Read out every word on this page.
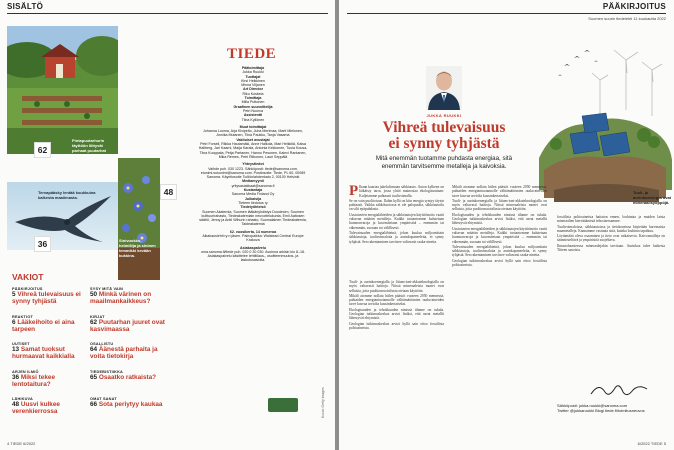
SISÄLTÖ
Pintapuutarhurin täyttöön liittyvät parhaat puutarhat
62
Tervapääsky lentää koukkuina kaikesta maailmasta.
36
48
Sinivuokko, helmililja ja sininen lemmikki kevään kukkina.
VAKIOT
PÄÄKIRJOITUS
5 Vihreä tulevaisuus ei synny tyhjästä
REAKTIOT
6 Lääkeihoito ei aina tarpeen
UUTISET
13 Samat tuoksut hurmaavat kaikkialla
ARJEN ILMIÖ
36 Miksi tekee lentotaitura?
LÄHIKUVA
48 Uusvi kulkee verenkierrossa
SYSY MITÄ VAIN
50 Minkä värinen on maailmankaikkeus?
KIRJAT
62 Puutarhan juuret ovat kasvimaassa
OSALLISTU
64 Äänestä parhaita ja voita tietokirja
TIEDEBISTIIKKA
65 Osaatko ratkaista?
OMAT SANAT
66 Sota periytyy kaukaa
TIEDE
Päätoimittaja
Jukka Ruukki
Tuottajat
Kirsi Heikkinen
Minna Viljanen
Art Director
Riku Koskela
Toimittaja
Milla Puttonen
Graafinen suunnittelija
Petri Nuorva
Assistentti
Tiina Kyllönen
Muut toimittajat
Johanna Luoma, Arja Kivipelto, Juha Merimaa, Marti Mielonen, Annika Mutanen, Tiina Paukku, Tanja Vasama
Vakituiset avustajat
Petri Forsell, Riikka Hautamäki, Anne Halkola, Mari Heikkilä, Kaisa Hallberg, Jari Kaarni, Maija Karala, Antonia Kekkonen, Tuula Kousa, Tiina Kuoppala, Petja Partanen, Hannu Pesonen, Kalevi Rantanen, Mika Remes, Petri Riikonen, Lauri Seppälä
Yhteystiedot
Vaihde puh. 030 1223. Sähköposti: tiede@sanoma.com, etunimi.sukunimi@sanoma.com. Postiosoite: Tiede, PL 60, 00089 Sanoma. Käyntiosoite Toölönlahdenkatu 2, 00100 Helsinki
Mediamyynti
yritysasiakkaat@sanoma.fi
Kustantaja
Sanoma Media Finland Oy
Julkaisija
Tieteen tiedotus ry
Tiedetyöhteisö
Suomen Akatemia, Suomen lääkäriyhdistys Duodecim, Suomen kulttuurirahasto, Tiedeakatemiain neuvottelukunta, Emil Aaltosen säätiö, Jenny ja Antti Wihurin rahasto, Suomalainen Tiedeakatemia, Taideakatemia
62. vuosikerta, 14 numeroa
Aikakauslehti ry:n jäsen. Painopaikka: Walstead Central Europe Krakova
Asiakaspalvelu
oma.sanoma.fi/tiede puh. 020 0 30 030. Avoinna arkisin klo 8–18. Asiakaspalvelu käsittelee lehtitilaus-, osoitteenmuutos- ja laskutusasioita.
Kuvat: Getty Images
4 TIEDE 6/2022
PÄÄKIRJOITUS
Suomen suurin tiedelehti 11 kuukautta 2022
JUKKA RUUKKI
Vihreä tulevaisuus
ei synny tyhjästä
Mitä enemmän tuotamme puhdasta energiaa, sitä enemmän tarvitsemme metalleja ja kaivoksia.
Tuuli- ja aurinkoenergia ovat mineraalisyöppöjä.

P Ihaan kaartaa jakelufirmaan sähköauto. Auton kylkeen on läikäisty tarra, jossa yhtiö mainostaa ekologisuuttaan: Kuljetamme puhtaasti tuulivoimalla.

Se on vain puolitotuus. Ilahin kyllä on kiin energia syntyy täysin puhtaasti. Vaikka sähkötuotossa ei ole palopuolia, sähköautoilu on silti epäpuhdasta.

Uusiutuvien energialähteiden ja sähköautojen käyttöönotto vaatii valtavan määrän metalleja. Kaikki tuotantomme kulutetaan luonnonvaroja ja kuormitetaan ympäristöä – enemmän tai vähemmän, suoraan tai välillisesti.

Tulevaisuuden energialähteinä, johon kuuluu miljoonittain sähköautoja, tuulivoimaloita ja aurinkopaneeleita, ei synny tyhjästä. Sen rakentaminen tarvitsee valtavasti raaka-ainetta.

Tuuli- ja aurinkoenergialla ja litium-ioni-akkuteknologialla on myös valtavasti haittoja. Niissä mineraaleista monet ovat sellaisia, joita puolitomuotoilusta otetaan käyttöön.

Mikäli aiomme nollata hiilen päästöt vuoteen 2050 mennessä, puhtaiden energiantuotannolle välttämättömien raaka-aineiden tarve kasvaa arviolta kuusinkertaiseksi.

Ekologisuuden ja tehokkuuden nimissä tilanne on tukala. Geologian tutkimuskeskus arvioi lisäksi, että useat metallit lähestyvät ehtymistä.

Geologian tutkimuskeskus arvioi hyllä sain ettoo fossiilista polttoaineista.

Mikäli aiomme nollata hiilen päästöt vuoteen 2050 mennessä, puhtaiden energiantuotannolle välttämättömien raaka-aineiden tarve kasvaa arviolta kuusinkertaiseksi.

Tuuli- ja aurinkoenergialla ja litium-ioni-akkuteknologialla on myös valtavasti haittoja. Niissä mineraaleista monet ovat sellaisia, joita puolitomuotoilusta otetaan käyttöön.

Ekologisuuden ja tehokkuuden nimissä tilanne on tukala. Geologian tutkimuskeskus arvioi lisäksi, että useat metallit lähestyvät ehtymistä.

Uusiutuvien energialähteiden ja sähköautojen käyttöönotto vaatii valtavan määrän metalleja. Kaikki tuotantomme kulutetaan luonnonvaroja ja kuormitetaan ympäristöä – enemmän tai vähemmän, suoraan tai välillisesti.

Tulevaisuuden energialähteinä, johon kuuluu miljoonittain sähköautoja, tuulivoimaloita ja aurinkopaneeleita, ei synny tyhjästä. Sen rakentaminen tarvitsee valtavasti raaka-ainetta.

Geologian tutkimuskeskus arvioi hyllä sain ettoo fossiilista polttoaineista.

fossiilista polttoaineista haitaton ennen, louhintaa ja muiden laista mineraalien kierrättämistä tehostaessamme.

Tuulivoimaloissa, sähköautoissa ja tietokoneissa käytetään harvinaisia maametalleja. Kannamme vastuuta siitä, kuinka louhinta tapahtuu.

Löytämättä oleva osaaminen ja tieto ovat ratkaisevia. Kaivosmalleja on säännösteltävä ja ympäristöä suojeltava.

Ilmastohaasteessa mineraalejahin tarvitaan. Aurinkoa tulee kaikesta Tiiteen sanoista.

Sähköposti: jukka.ruukki@sanoma.com
Twitter @jukkaruukki Blogi tiede.fi/toimitusneuvos
6/2022 TIEDE 5
